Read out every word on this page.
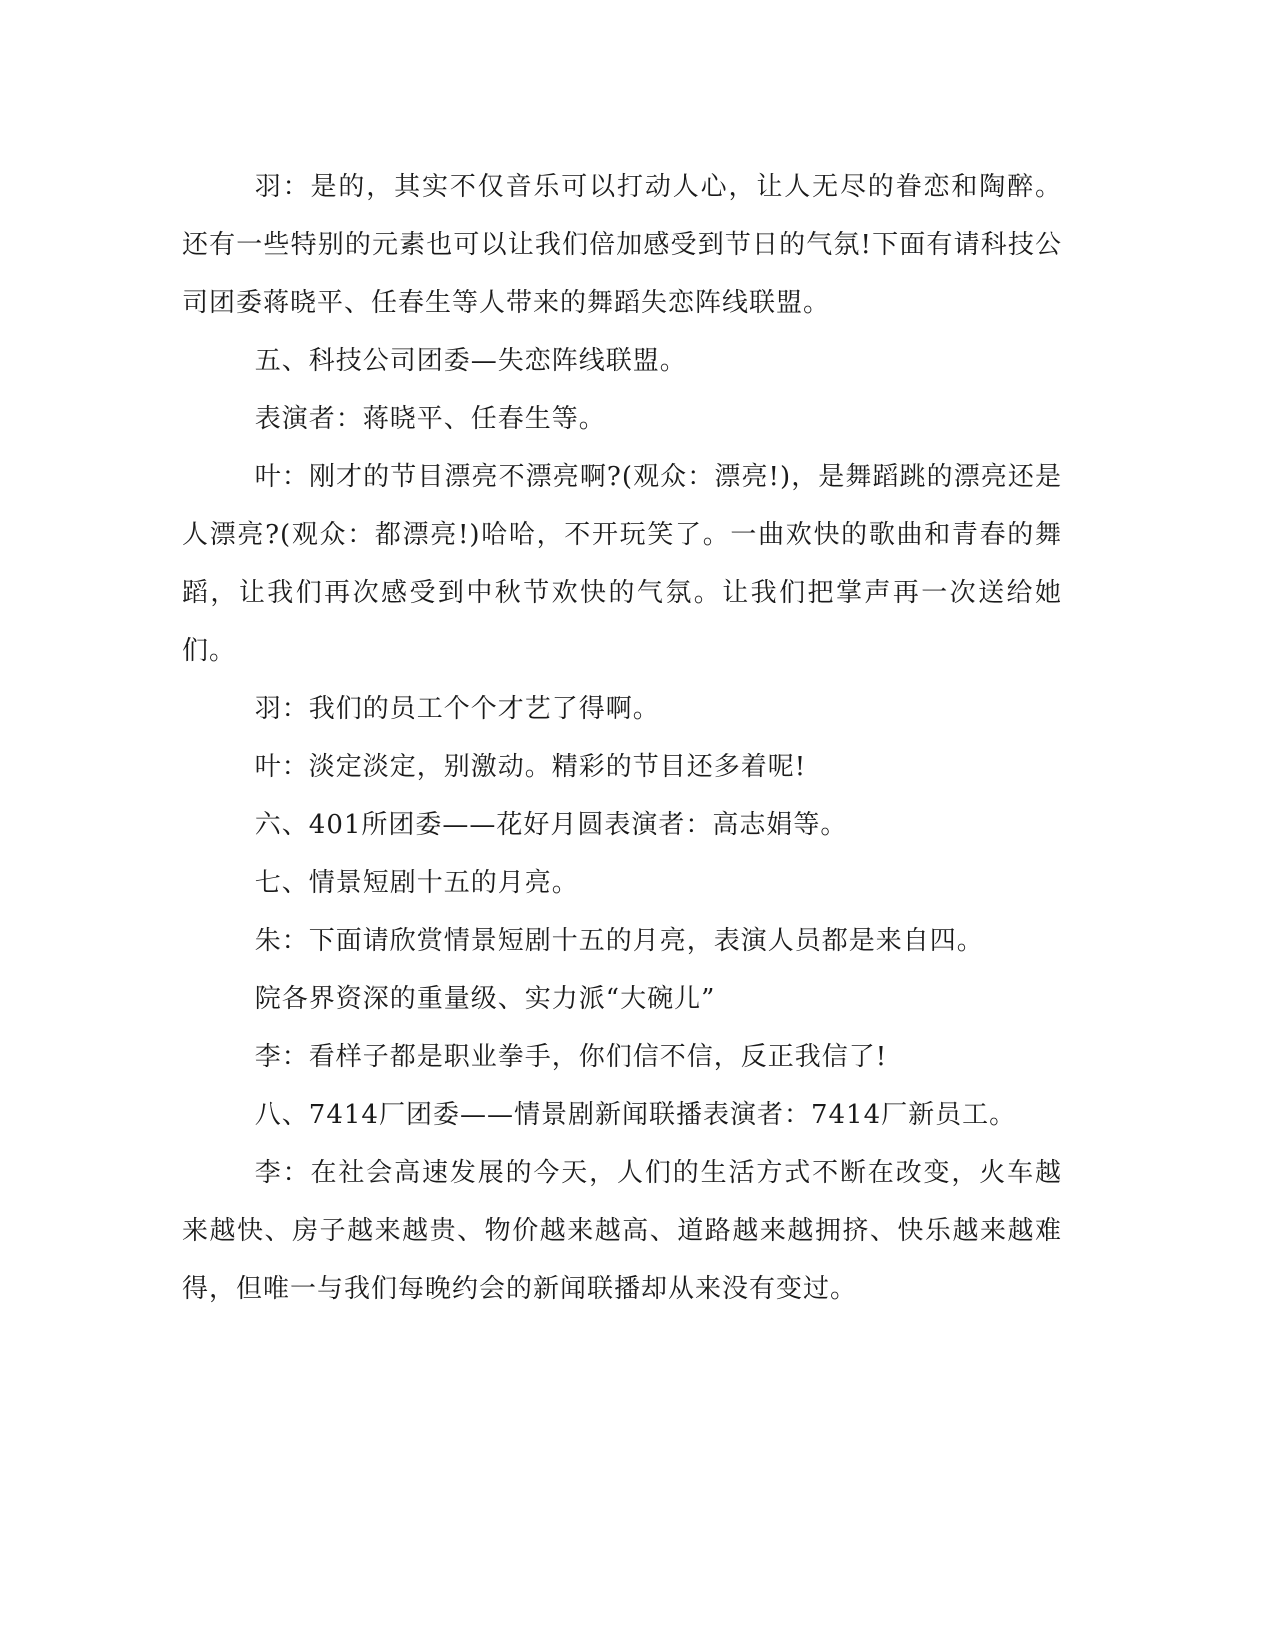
羽：是的，其实不仅音乐可以打动人心，让人无尽的眷恋和陶醉。还有一些特别的元素也可以让我们倍加感受到节日的气氛!下面有请科技公司团委蒋晓平、任春生等人带来的舞蹈失恋阵线联盟。

五、科技公司团委—失恋阵线联盟。

表演者：蒋晓平、任春生等。

叶：刚才的节目漂亮不漂亮啊?(观众：漂亮!)，是舞蹈跳的漂亮还是人漂亮?(观众：都漂亮!)哈哈，不开玩笑了。一曲欢快的歌曲和青春的舞蹈，让我们再次感受到中秋节欢快的气氛。让我们把掌声再一次送给她们。

羽：我们的员工个个才艺了得啊。

叶：淡定淡定，别激动。精彩的节目还多着呢!

六、401所团委——花好月圆表演者：高志娟等。

七、情景短剧十五的月亮。

朱：下面请欣赏情景短剧十五的月亮，表演人员都是来自四。

院各界资深的重量级、实力派“大碗儿”

李：看样子都是职业拳手，你们信不信，反正我信了!

八、7414厂团委——情景剧新闻联播表演者：7414厂新员工。

李：在社会高速发展的今天，人们的生活方式不断在改变，火车越来越快、房子越来越贵、物价越来越高、道路越来越拥挤、快乐越来越难得，但唯一与我们每晚约会的新闻联播却从来没有变过。
